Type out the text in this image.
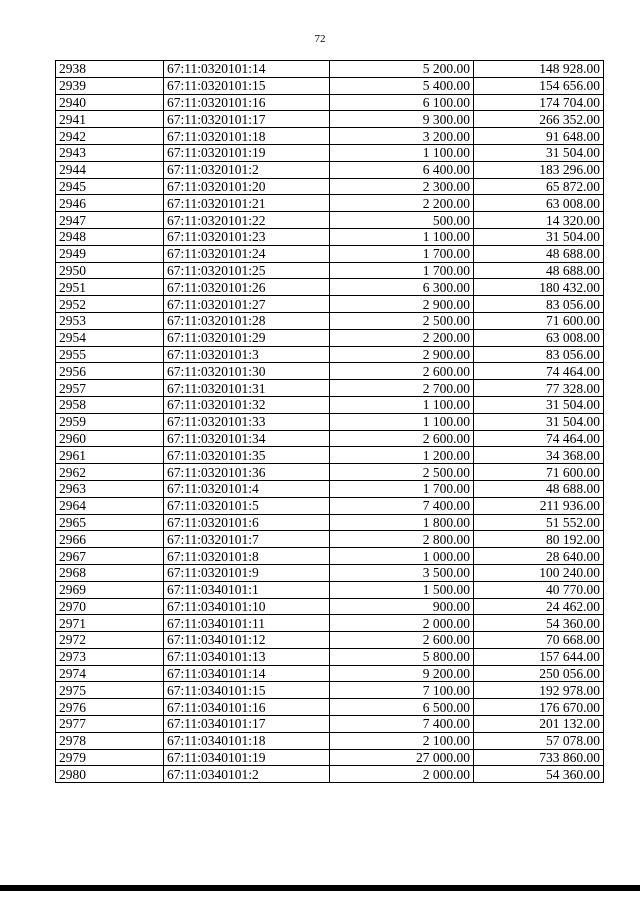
72
2938	67:11:0320101:14	5 200.00	148 928.00
2939	67:11:0320101:15	5 400.00	154 656.00
2940	67:11:0320101:16	6 100.00	174 704.00
2941	67:11:0320101:17	9 300.00	266 352.00
2942	67:11:0320101:18	3 200.00	91 648.00
2943	67:11:0320101:19	1 100.00	31 504.00
2944	67:11:0320101:2	6 400.00	183 296.00
2945	67:11:0320101:20	2 300.00	65 872.00
2946	67:11:0320101:21	2 200.00	63 008.00
2947	67:11:0320101:22	500.00	14 320.00
2948	67:11:0320101:23	1 100.00	31 504.00
2949	67:11:0320101:24	1 700.00	48 688.00
2950	67:11:0320101:25	1 700.00	48 688.00
2951	67:11:0320101:26	6 300.00	180 432.00
2952	67:11:0320101:27	2 900.00	83 056.00
2953	67:11:0320101:28	2 500.00	71 600.00
2954	67:11:0320101:29	2 200.00	63 008.00
2955	67:11:0320101:3	2 900.00	83 056.00
2956	67:11:0320101:30	2 600.00	74 464.00
2957	67:11:0320101:31	2 700.00	77 328.00
2958	67:11:0320101:32	1 100.00	31 504.00
2959	67:11:0320101:33	1 100.00	31 504.00
2960	67:11:0320101:34	2 600.00	74 464.00
2961	67:11:0320101:35	1 200.00	34 368.00
2962	67:11:0320101:36	2 500.00	71 600.00
2963	67:11:0320101:4	1 700.00	48 688.00
2964	67:11:0320101:5	7 400.00	211 936.00
2965	67:11:0320101:6	1 800.00	51 552.00
2966	67:11:0320101:7	2 800.00	80 192.00
2967	67:11:0320101:8	1 000.00	28 640.00
2968	67:11:0320101:9	3 500.00	100 240.00
2969	67:11:0340101:1	1 500.00	40 770.00
2970	67:11:0340101:10	900.00	24 462.00
2971	67:11:0340101:11	2 000.00	54 360.00
2972	67:11:0340101:12	2 600.00	70 668.00
2973	67:11:0340101:13	5 800.00	157 644.00
2974	67:11:0340101:14	9 200.00	250 056.00
2975	67:11:0340101:15	7 100.00	192 978.00
2976	67:11:0340101:16	6 500.00	176 670.00
2977	67:11:0340101:17	7 400.00	201 132.00
2978	67:11:0340101:18	2 100.00	57 078.00
2979	67:11:0340101:19	27 000.00	733 860.00
2980	67:11:0340101:2	2 000.00	54 360.00
